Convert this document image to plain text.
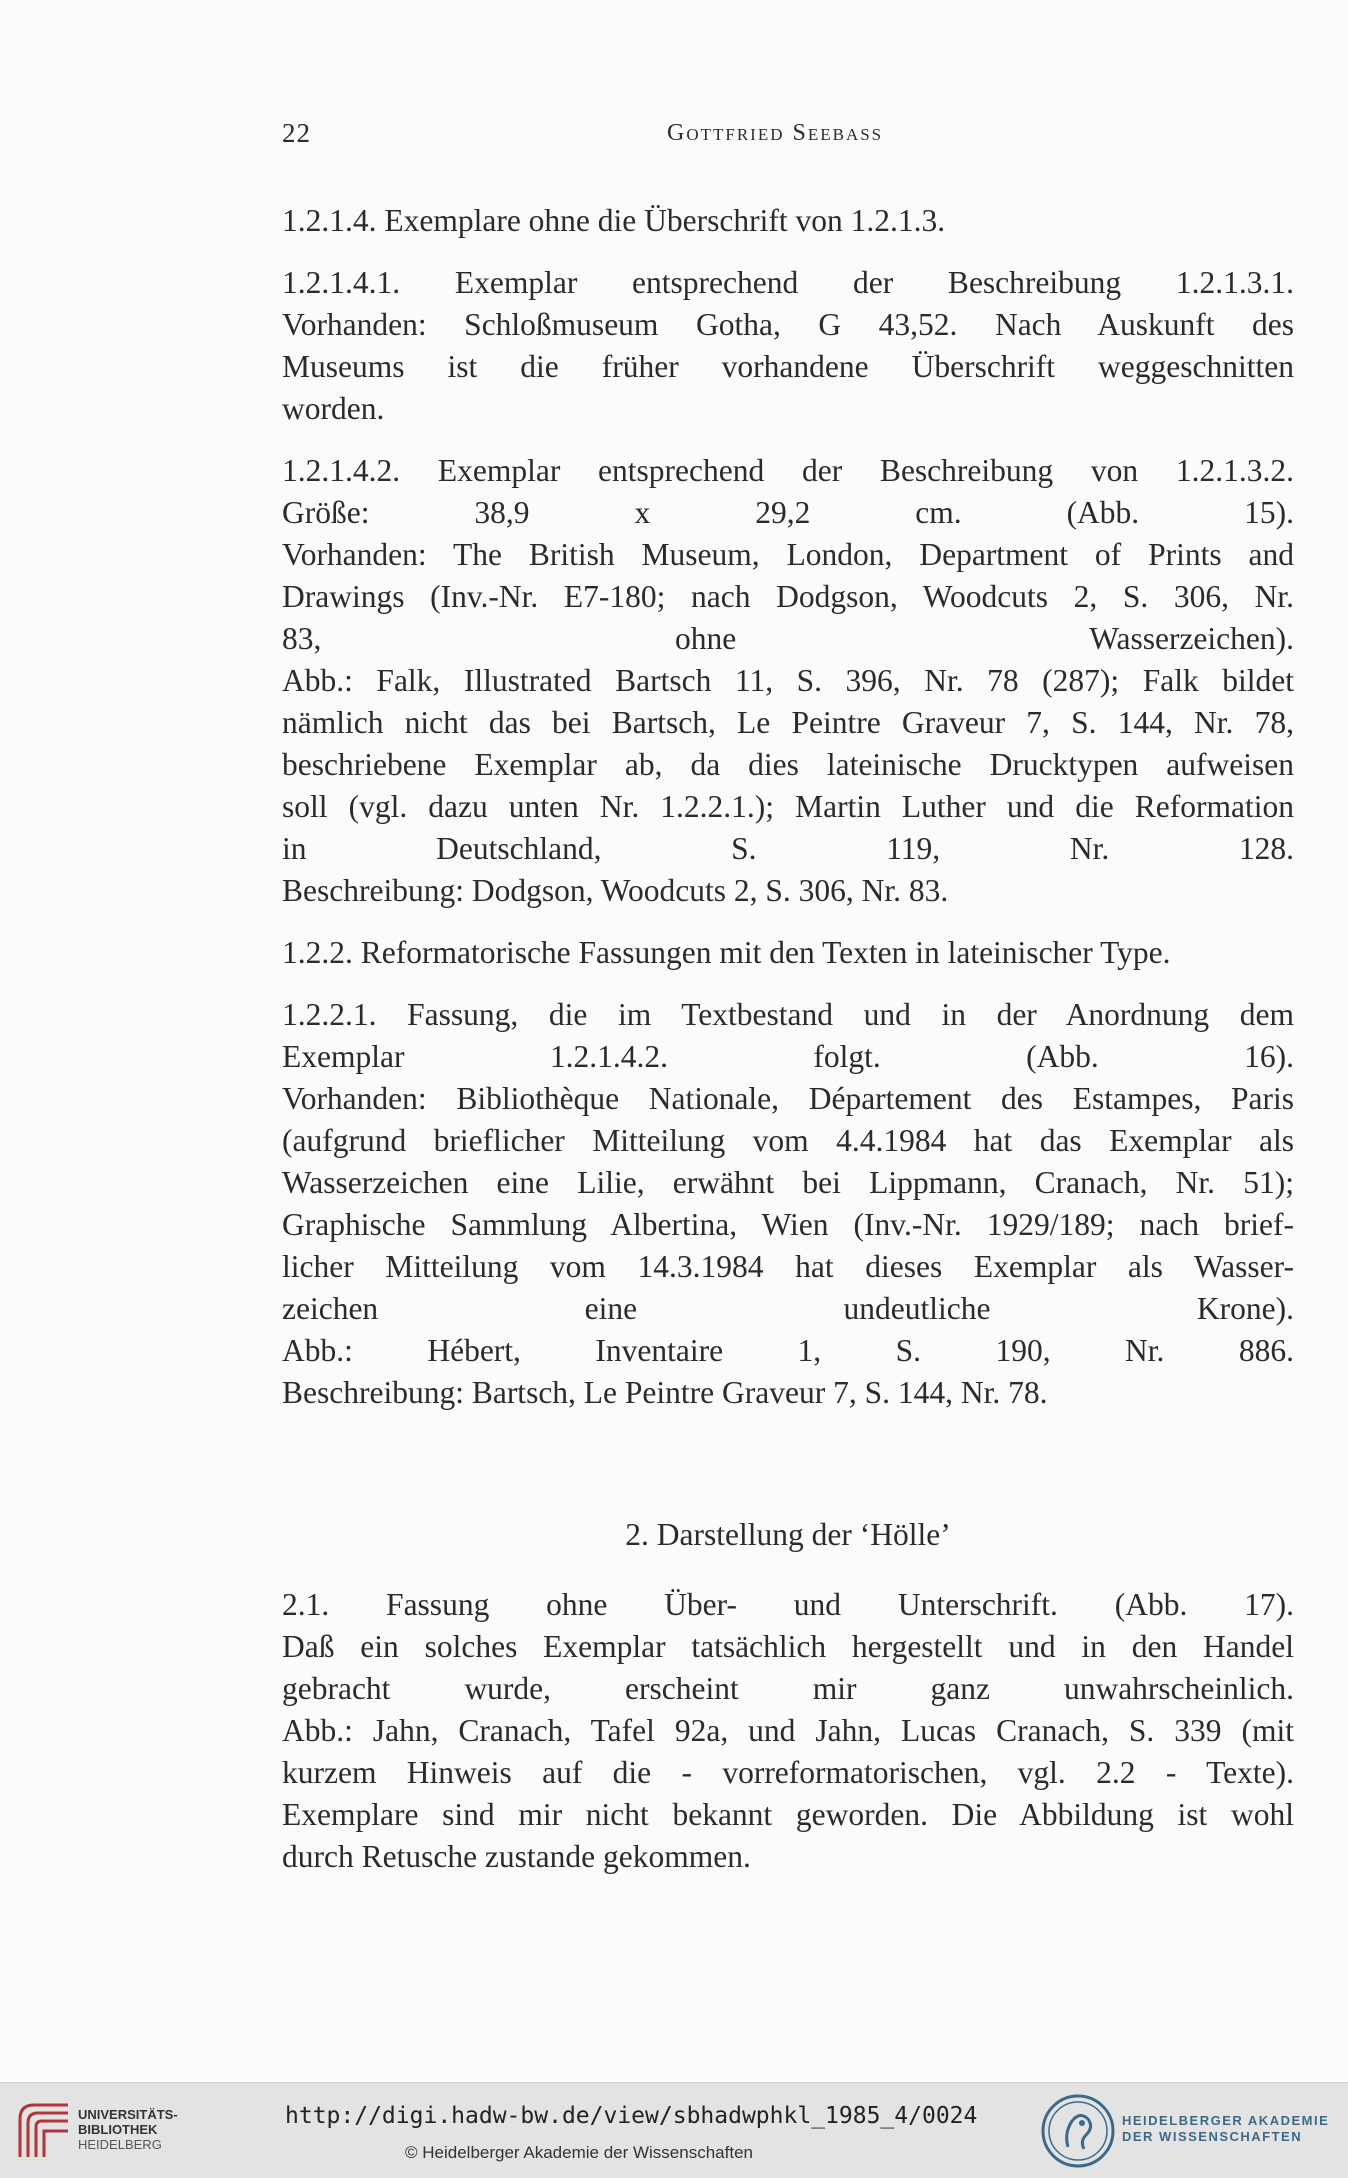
22	Gottfried Seebass
1.2.1.4. Exemplare ohne die Überschrift von 1.2.1.3.
1.2.1.4.1. Exemplar entsprechend der Beschreibung 1.2.1.3.1.
Vorhanden: Schloßmuseum Gotha, G 43,52. Nach Auskunft des
Museums ist die früher vorhandene Überschrift weggeschnitten
worden.
1.2.1.4.2. Exemplar entsprechend der Beschreibung von 1.2.1.3.2.
Größe: 38,9 x 29,2 cm. (Abb. 15).
Vorhanden: The British Museum, London, Department of Prints and
Drawings (Inv.-Nr. E7-180; nach Dodgson, Woodcuts 2, S. 306, Nr.
83, ohne Wasserzeichen).
Abb.: Falk, Illustrated Bartsch 11, S. 396, Nr. 78 (287); Falk bildet
nämlich nicht das bei Bartsch, Le Peintre Graveur 7, S. 144, Nr. 78,
beschriebene Exemplar ab, da dies lateinische Drucktypen aufweisen
soll (vgl. dazu unten Nr. 1.2.2.1.); Martin Luther und die Reformation
in Deutschland, S. 119, Nr. 128.
Beschreibung: Dodgson, Woodcuts 2, S. 306, Nr. 83.
1.2.2. Reformatorische Fassungen mit den Texten in lateinischer Type.
1.2.2.1. Fassung, die im Textbestand und in der Anordnung dem
Exemplar 1.2.1.4.2. folgt. (Abb. 16).
Vorhanden: Bibliothèque Nationale, Département des Estampes, Paris
(aufgrund brieflicher Mitteilung vom 4.4.1984 hat das Exemplar als
Wasserzeichen eine Lilie, erwähnt bei Lippmann, Cranach, Nr. 51);
Graphische Sammlung Albertina, Wien (Inv.-Nr. 1929/189; nach brief-
licher Mitteilung vom 14.3.1984 hat dieses Exemplar als Wasser-
zeichen eine undeutliche Krone).
Abb.: Hébert, Inventaire 1, S. 190, Nr. 886.
Beschreibung: Bartsch, Le Peintre Graveur 7, S. 144, Nr. 78.
2. Darstellung der ‘Hölle’
2.1. Fassung ohne Über- und Unterschrift. (Abb. 17).
Daß ein solches Exemplar tatsächlich hergestellt und in den Handel
gebracht wurde, erscheint mir ganz unwahrscheinlich.
Abb.: Jahn, Cranach, Tafel 92a, und Jahn, Lucas Cranach, S. 339 (mit
kurzem Hinweis auf die - vorreformatorischen, vgl. 2.2 - Texte).
Exemplare sind mir nicht bekannt geworden. Die Abbildung ist wohl
durch Retusche zustande gekommen.
UNIVERSITÄTS-
BIBLIOTHEK
HEIDELBERG
http://digi.hadw-bw.de/view/sbhadwphkl_1985_4/0024
© Heidelberger Akademie der Wissenschaften
HEIDELBERGER AKADEMIE
DER WISSENSCHAFTEN
